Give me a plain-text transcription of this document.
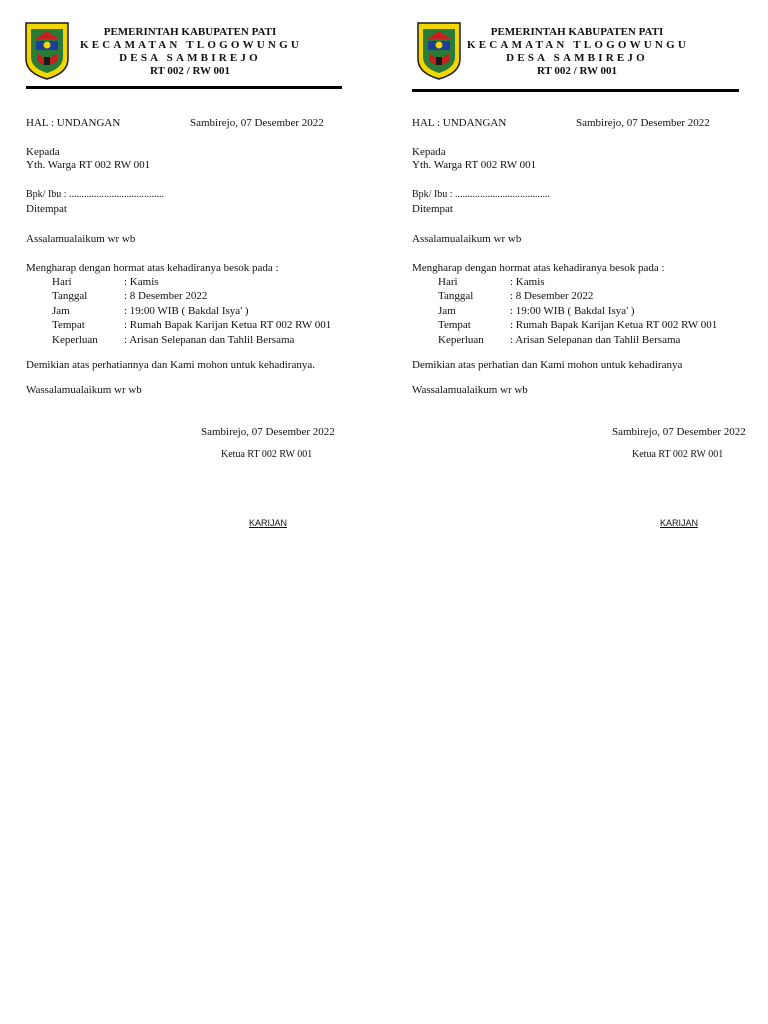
PEMERINTAH KABUPATEN PATI
KECAMATAN TLOGOWUNGU
DESA SAMBIREJO
RT 002 / RW 001
HAL : UNDANGAN	Sambirejo, 07 Desember 2022
Kepada
Yth. Warga RT 002 RW 001
Bpk/ Ibu : ......................................
Ditempat
Assalamualaikum wr wb
Mengharap dengan hormat atas kehadiranya besok pada :
Hari	: Kamis
Tanggal	: 8 Desember 2022
Jam	: 19:00 WIB ( Bakdal Isya' )
Tempat	: Rumah Bapak Karijan Ketua RT 002 RW 001
Keperluan : Arisan Selepanan dan Tahlil Bersama
Demikian atas perhatiannya dan Kami mohon untuk kehadiranya.
Wassalamualaikum wr wb
Sambirejo, 07 Desember 2022
Ketua RT 002 RW 001
KARIJAN
PEMERINTAH KABUPATEN PATI
KECAMATAN TLOGOWUNGU
DESA SAMBIREJO
RT 002 / RW 001
HAL : UNDANGAN	Sambirejo, 07 Desember 2022
Kepada
Yth. Warga RT 002 RW 001
Bpk/ Ibu : ......................................
Ditempat
Assalamualaikum wr wb
Mengharap dengan hormat atas kehadiranya besok pada :
Hari	: Kamis
Tanggal	: 8 Desember 2022
Jam	: 19:00 WIB ( Bakdal Isya' )
Tempat	: Rumah Bapak Karijan Ketua RT 002 RW 001
Keperluan : Arisan Selepanan dan Tahlil Bersama
Demikian atas perhatian dan Kami mohon untuk kehadiranya
Wassalamualaikum wr wb
Sambirejo, 07 Desember 2022
Ketua RT 002 RW 001
KARIJAN
